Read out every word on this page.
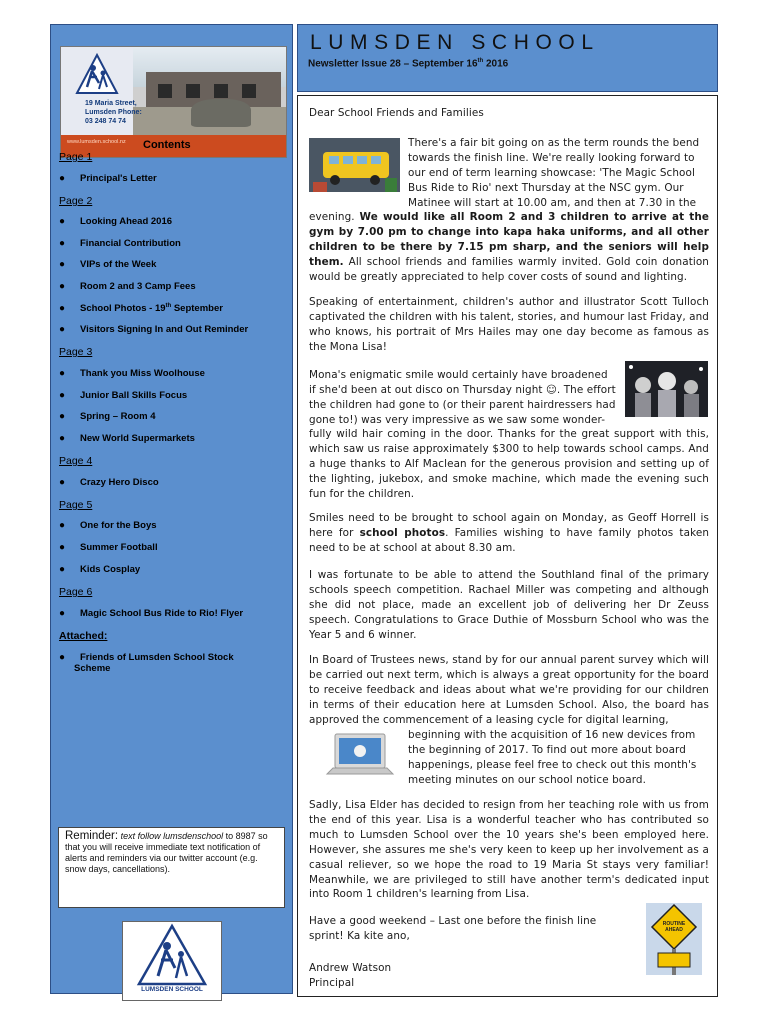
19 Maria Street,
Lumsden Phone:
03 248 74 74
www.lumsden.school.nz Contents
Page 1
● Principal's Letter
Page 2
● Looking Ahead 2016
● Financial Contribution
● VIPs of the Week
● Room 2 and 3 Camp Fees
● School Photos - 19th September
● Visitors Signing In and Out Reminder
Page 3
● Thank you Miss Woolhouse
● Junior Ball Skills Focus
● Spring – Room 4
● New World Supermarkets
Page 4
● Crazy Hero Disco
Page 5
● One for the Boys
● Summer Football
● Kids Cosplay
Page 6
● Magic School Bus Ride to Rio! Flyer
Attached:
● Friends of Lumsden School Stock
Scheme
Reminder: text follow lumsdenschool to 8987 so that you will receive immediate text notification of alerts and reminders via our twitter account (e.g. snow days, cancellations).
LUMSDEN SCHOOL
LUMSDEN SCHOOL
Newsletter Issue 28 – September 16th 2016
Dear School Friends and Families
There's a fair bit going on as the term rounds the bend
towards the finish line. We're really looking forward to
our end of term learning showcase: 'The Magic School
Bus Ride to Rio' next Thursday at the NSC gym. Our
Matinee will start at 10.00 am, and then at 7.30 in the
evening. We would like all Room 2 and 3 children to arrive at the gym by 7.00 pm to change into kapa haka uniforms, and all other children to be there by 7.15 pm sharp, and the seniors will help them. All school friends and families warmly invited. Gold coin donation would be greatly appreciated to help cover costs of sound and lighting.
Speaking of entertainment, children's author and illustrator Scott Tulloch captivated the children with his talent, stories, and humour last Friday, and who knows, his portrait of Mrs Hailes may one day become as famous as the Mona Lisa!
Mona's enigmatic smile would certainly have broadened
if she'd been at out disco on Thursday night ☺. The effort
the children had gone to (or their parent hairdressers had
gone to!) was very impressive as we saw some wonder-
fully wild hair coming in the door. Thanks for the great support with this, which saw us raise approximately $300 to help towards school camps. And a huge thanks to Alf Maclean for the generous provision and setting up of the lighting, jukebox, and smoke machine, which made the evening such fun for the children.
Smiles need to be brought to school again on Monday, as Geoff Horrell is here for school photos. Families wishing to have family photos taken need to be at school at about 8.30 am.
I was fortunate to be able to attend the Southland final of the primary schools speech competition. Rachael Miller was competing and although she did not place, made an excellent job of delivering her Dr Zeuss speech. Congratulations to Grace Duthie of Mossburn School who was the Year 5 and 6 winner.
In Board of Trustees news, stand by for our annual parent survey which will be carried out next term, which is always a great opportunity for the board to receive feedback and ideas about what we're providing for our children in terms of their education here at Lumsden School. Also, the board has approved the commencement of a leasing cycle for digital learning,
beginning with the acquisition of 16 new devices from
the beginning of 2017. To find out more about board
happenings, please feel free to check out this month's
meeting minutes on our school notice board.
Sadly, Lisa Elder has decided to resign from her teaching role with us from the end of this year. Lisa is a wonderful teacher who has contributed so much to Lumsden School over the 10 years she's been employed here. However, she assures me she's very keen to keep up her involvement as a casual reliever, so we hope the road to 19 Maria St stays very familiar! Meanwhile, we are privileged to still have another term's dedicated input into Room 1 children's learning from Lisa.
Have a good weekend – Last one before the finish line sprint! Ka kite ano,
ROUTINE AHEAD
Andrew Watson
Principal
